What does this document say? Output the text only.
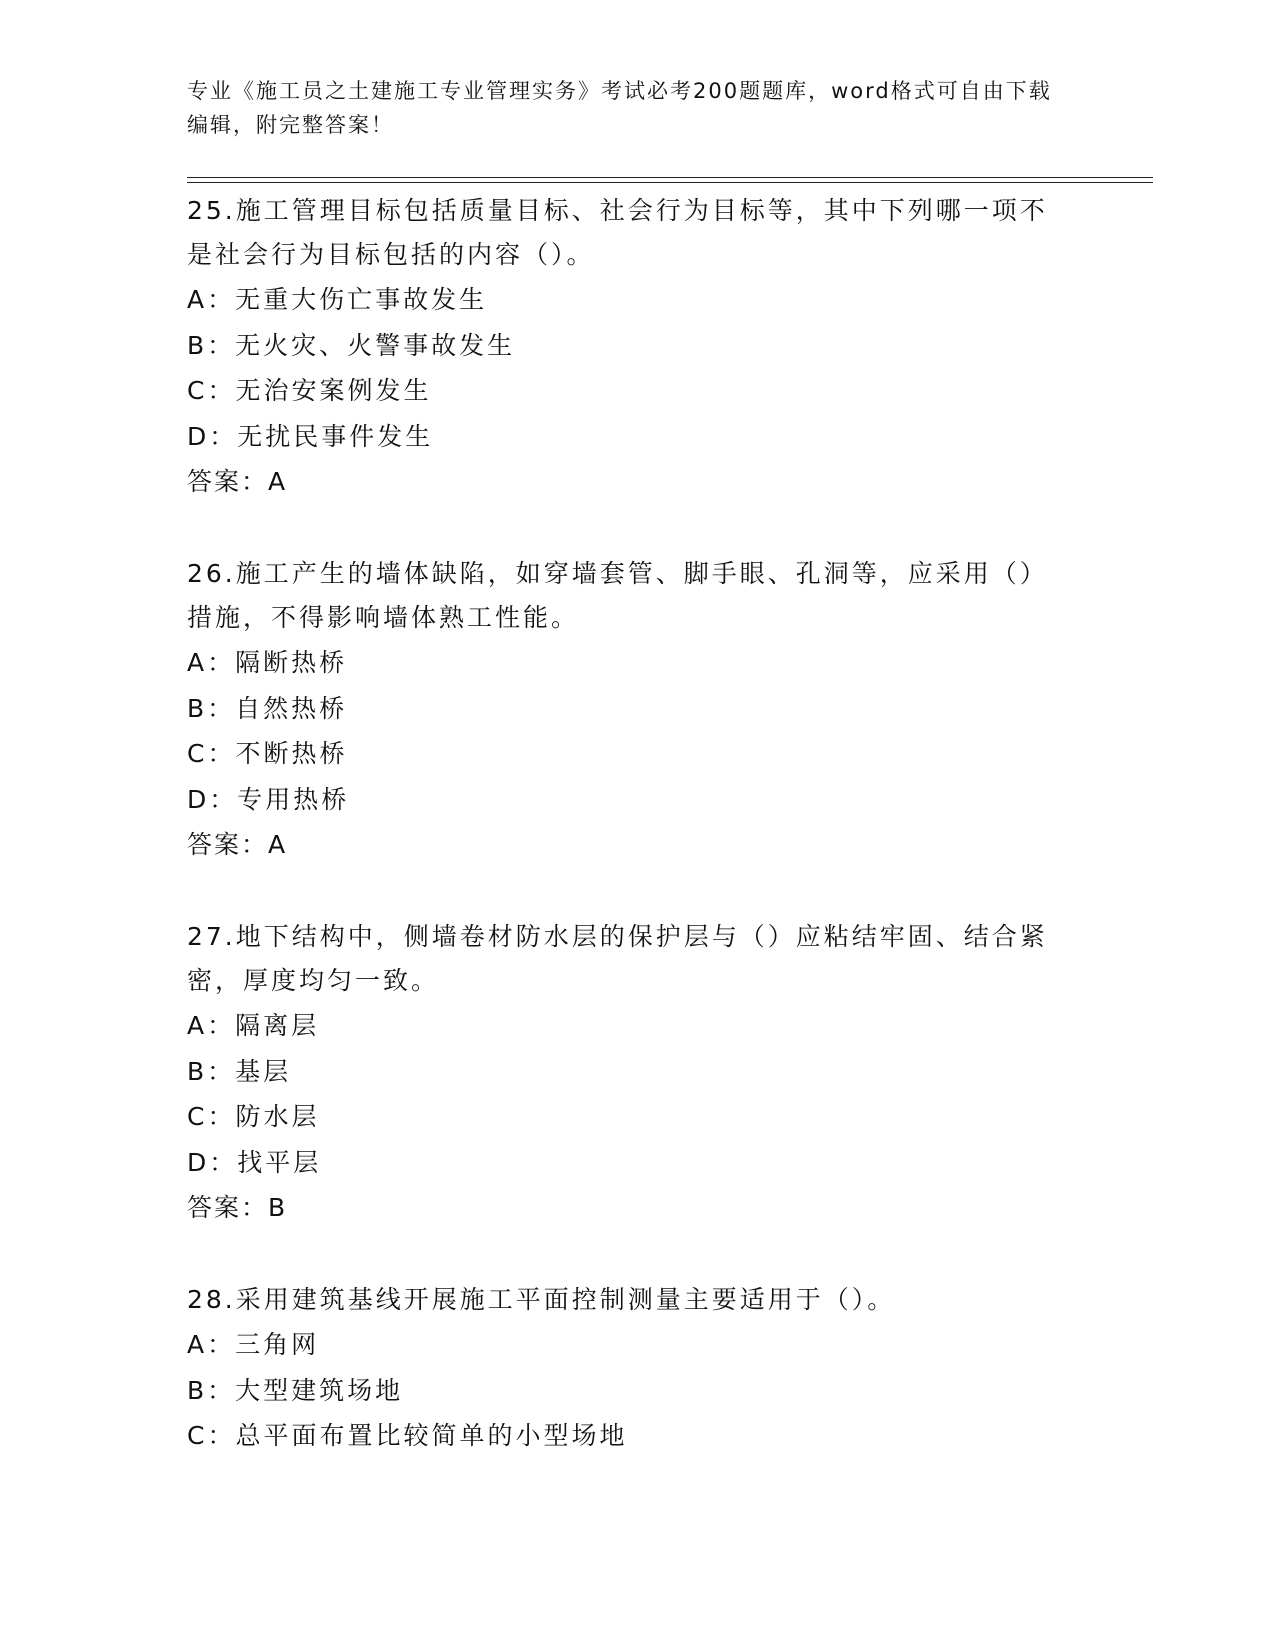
专业《施工员之土建施工专业管理实务》考试必考200题题库，word格式可自由下载编辑，附完整答案！

25.施工管理目标包括质量目标、社会行为目标等，其中下列哪一项不是社会行为目标包括的内容（）。

A：无重大伤亡事故发生

B：无火灾、火警事故发生

C：无治安案例发生

D：无扰民事件发生

答案：A

26.施工产生的墙体缺陷，如穿墙套管、脚手眼、孔洞等，应采用（）措施，不得影响墙体熟工性能。

A：隔断热桥

B：自然热桥

C：不断热桥

D：专用热桥

答案：A

27.地下结构中，侧墙卷材防水层的保护层与（）应粘结牢固、结合紧密，厚度均匀一致。

A：隔离层

B：基层

C：防水层

D：找平层

答案：B

28.采用建筑基线开展施工平面控制测量主要适用于（）。

A：三角网

B：大型建筑场地

C：总平面布置比较简单的小型场地
